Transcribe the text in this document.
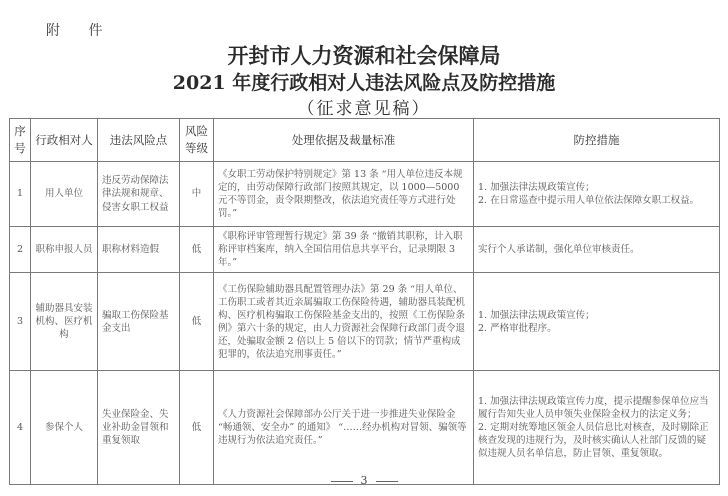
附 件
开封市人力资源和社会保障局
2021 年度行政相对人违法风险点及防控措施
（征求意见稿）
序号	行政相对人	违法风险点	风险等级	处理依据及裁量标准	防控措施
1	用人单位	违反劳动保障法律法规和规章、侵害女职工权益	中	《女职工劳动保护特别规定》第 13 条 “用人单位违反本规定的，由劳动保障行政部门按照其规定，以 1000—5000 元不等罚金，责令限期整改，依法追究责任等方式进行处罚。”	1. 加强法律法规政策宣传；
2. 在日常巡查中提示用人单位依法保障女职工权益。
2	职称申报人员	职称材料造假	低	《职称评审管理暂行规定》第 39 条 “撤销其职称，计入职称评审档案库，纳入全国信用信息共享平台，记录期限 3 年。”	实行个人承诺制，强化单位审核责任。
3	辅助器具安装机构、医疗机构	骗取工伤保险基金支出	低	《工伤保险辅助器具配置管理办法》第 29 条 “用人单位、工伤职工或者其近亲属骗取工伤保险待遇，辅助器具装配机构、医疗机构骗取工伤保险基金支出的，按照《工伤保险条例》第六十条的规定，由人力资源社会保障行政部门责令退还，处骗取金额 2 倍以上 5 倍以下的罚款；情节严重构成犯罪的，依法追究刑事责任。”	1. 加强法律法规政策宣传；
2. 严格审批程序。
4	参保个人	失业保险金、失业补助金冒领和重复领取	低	《人力资源社会保障部办公厅关于进一步推进失业保险金 “畅通领、安全办” 的通知》 “……经办机构对冒领、骗领等违规行为依法追究责任。”	1. 加强法律法规政策宣传力度，提示提醒参保单位应当履行告知失业人员申领失业保险金权力的法定义务；
2. 定期对统筹地区领金人员信息比对核查，及时剔除正核查发现的违规行为，及时核实确认人社部门反馈的疑似违规人员名单信息，防止冒领、重复领取。
3
